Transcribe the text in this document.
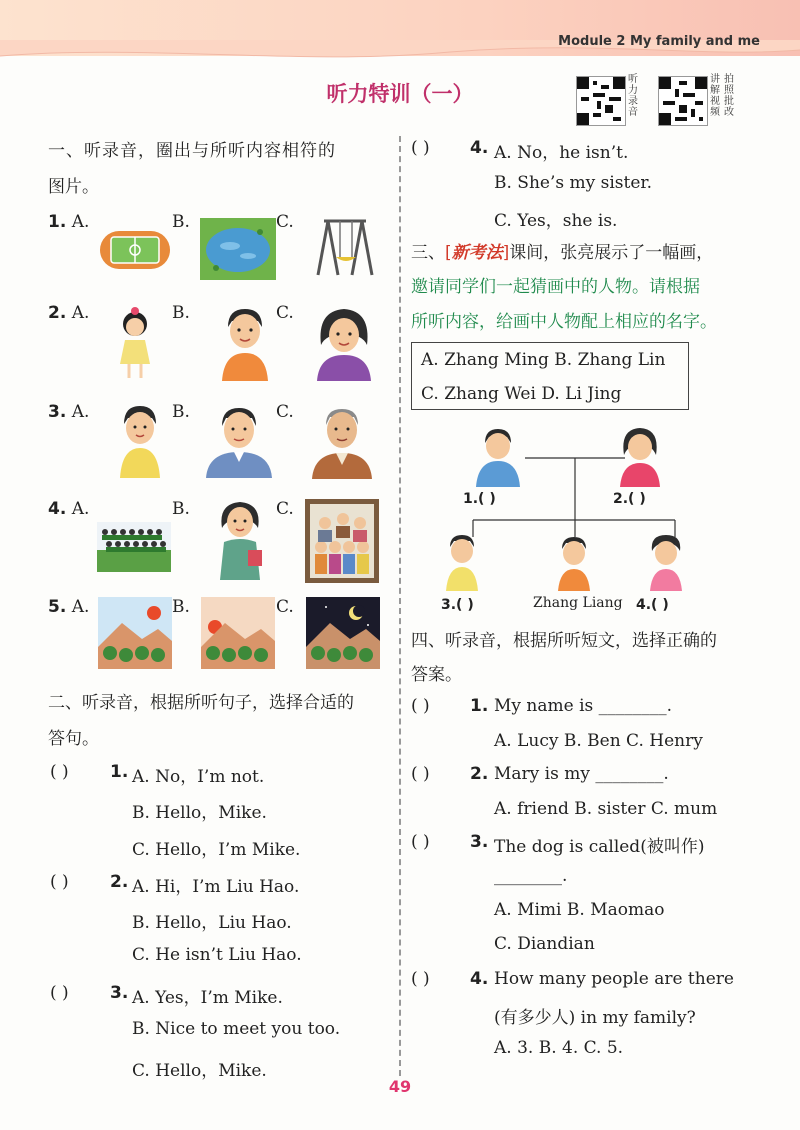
Module 2 My family and me
听力特训（一）
听力录音
讲解视频
拍照批改
一、听录音，圈出与所听内容相符的
图片。
1. A.	B.	C.
2. A.	B.	C.
3. A.	B.	C.
4. A.	B.	C.
5. A.	B.	C.
二、听录音，根据所听句子，选择合适的
答句。
( ) 1. A. No，I’m not.
B. Hello，Mike.
C. Hello，I’m Mike.
( ) 2. A. Hi，I’m Liu Hao.
B. Hello，Liu Hao.
C. He isn’t Liu Hao.
( ) 3. A. Yes，I’m Mike.
B. Nice to meet you too.
C. Hello，Mike.
( ) 4. A. No，he isn’t.
B. She’s my sister.
C. Yes，she is.
三、[新考法]课间，张亮展示了一幅画，
邀请同学们一起猜画中的人物。请根据
所听内容，给画中人物配上相应的名字。
A. Zhang Ming B. Zhang Lin
C. Zhang Wei D. Li Jing
1.( )	2.( )
3.( )	Zhang Liang 4.( )
四、听录音，根据所听短文，选择正确的
答案。
( ) 1. My name is ________.
A. Lucy B. Ben C. Henry
( ) 2. Mary is my ________.
A. friend B. sister C. mum
( ) 3. The dog is called(被叫作)
________.
A. Mimi B. Maomao
C. Diandian
( ) 4. How many people are there
(有多少人) in my family?
A. 3. B. 4. C. 5.
49
